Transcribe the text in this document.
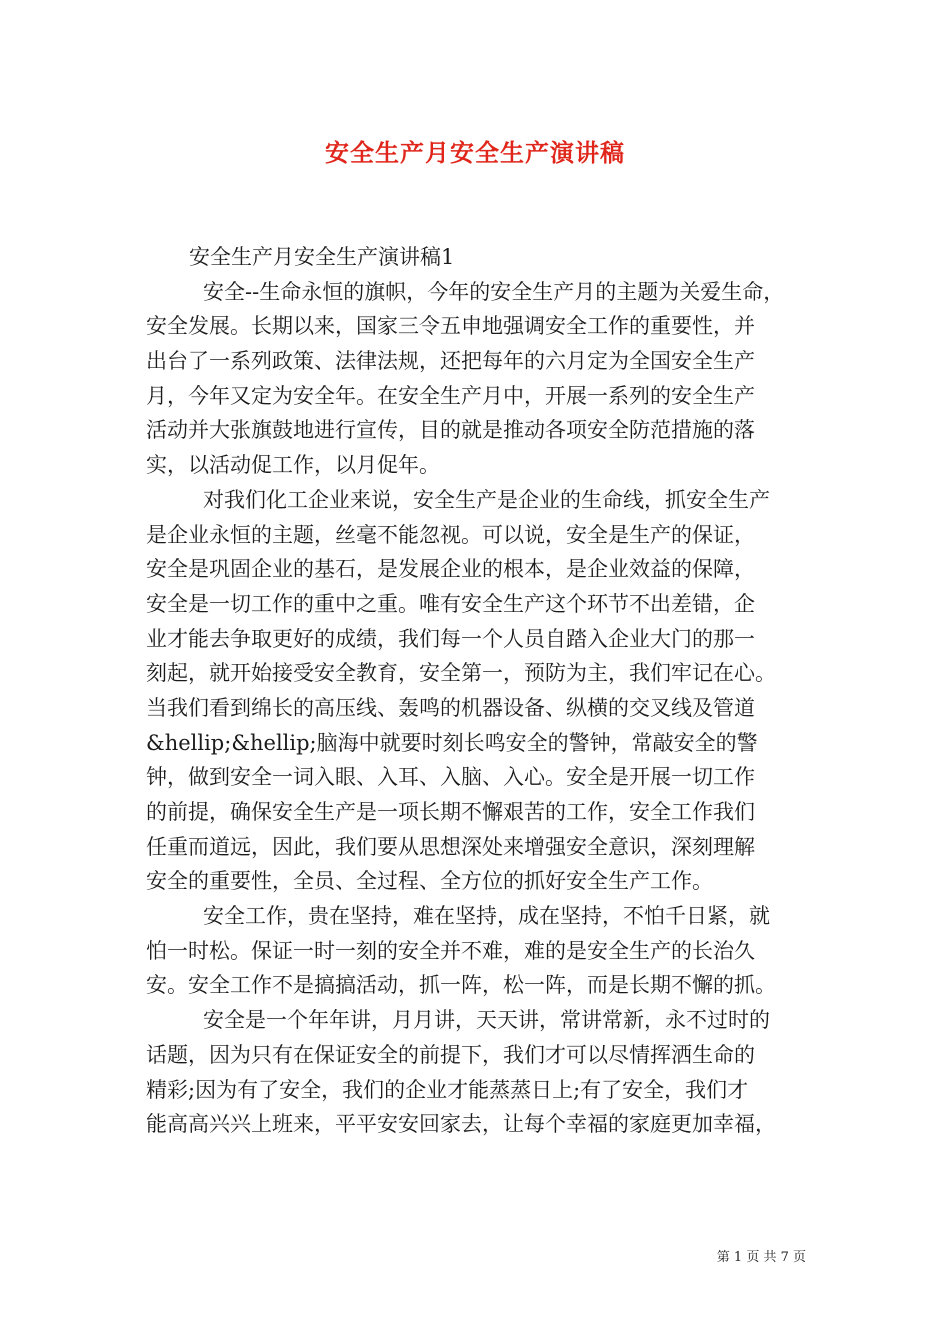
安全生产月安全生产演讲稿
安全生产月安全生产演讲稿1
安全--生命永恒的旗帜，今年的安全生产月的主题为关爱生命，
安全发展。长期以来，国家三令五申地强调安全工作的重要性，并
出台了一系列政策、法律法规，还把每年的六月定为全国安全生产
月，今年又定为安全年。在安全生产月中，开展一系列的安全生产
活动并大张旗鼓地进行宣传，目的就是推动各项安全防范措施的落
实，以活动促工作，以月促年。
对我们化工企业来说，安全生产是企业的生命线，抓安全生产
是企业永恒的主题，丝毫不能忽视。可以说，安全是生产的保证，
安全是巩固企业的基石，是发展企业的根本，是企业效益的保障，
安全是一切工作的重中之重。唯有安全生产这个环节不出差错，企
业才能去争取更好的成绩，我们每一个人员自踏入企业大门的那一
刻起，就开始接受安全教育，安全第一，预防为主，我们牢记在心。
当我们看到绵长的高压线、轰鸣的机器设备、纵横的交叉线及管道
&hellip;&hellip;脑海中就要时刻长鸣安全的警钟，常敲安全的警
钟，做到安全一词入眼、入耳、入脑、入心。安全是开展一切工作
的前提，确保安全生产是一项长期不懈艰苦的工作，安全工作我们
任重而道远，因此，我们要从思想深处来增强安全意识，深刻理解
安全的重要性，全员、全过程、全方位的抓好安全生产工作。
安全工作，贵在坚持，难在坚持，成在坚持，不怕千日紧，就
怕一时松。保证一时一刻的安全并不难，难的是安全生产的长治久
安。安全工作不是搞搞活动，抓一阵，松一阵，而是长期不懈的抓。
安全是一个年年讲，月月讲，天天讲，常讲常新，永不过时的
话题，因为只有在保证安全的前提下，我们才可以尽情挥洒生命的
精彩;因为有了安全，我们的企业才能蒸蒸日上;有了安全，我们才
能高高兴兴上班来，平平安安回家去，让每个幸福的家庭更加幸福，
第 1 页 共 7 页
